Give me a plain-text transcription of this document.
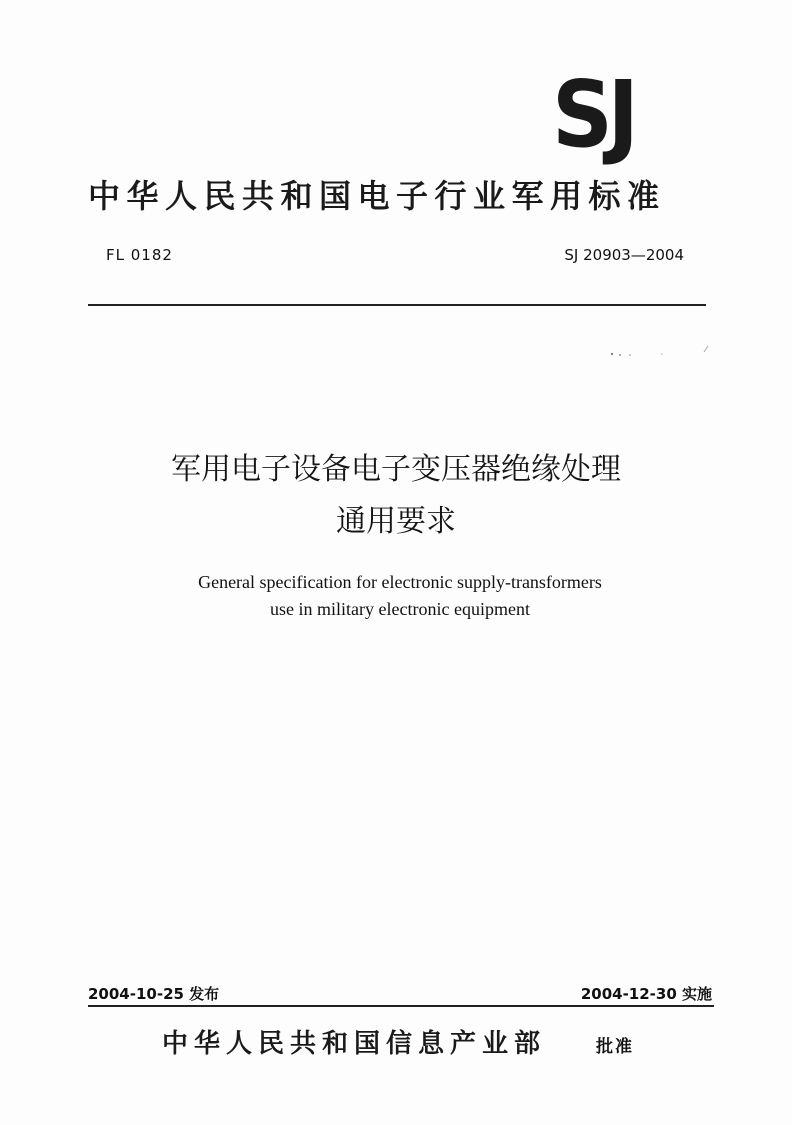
SJ
中华人民共和国电子行业军用标准
FL 0182	SJ 20903—2004
军用电子设备电子变压器绝缘处理
通用要求
General specification for electronic supply-transformers
use in military electronic equipment
2004-10-25 发布	2004-12-30 实施
中华人民共和国信息产业部	批准
